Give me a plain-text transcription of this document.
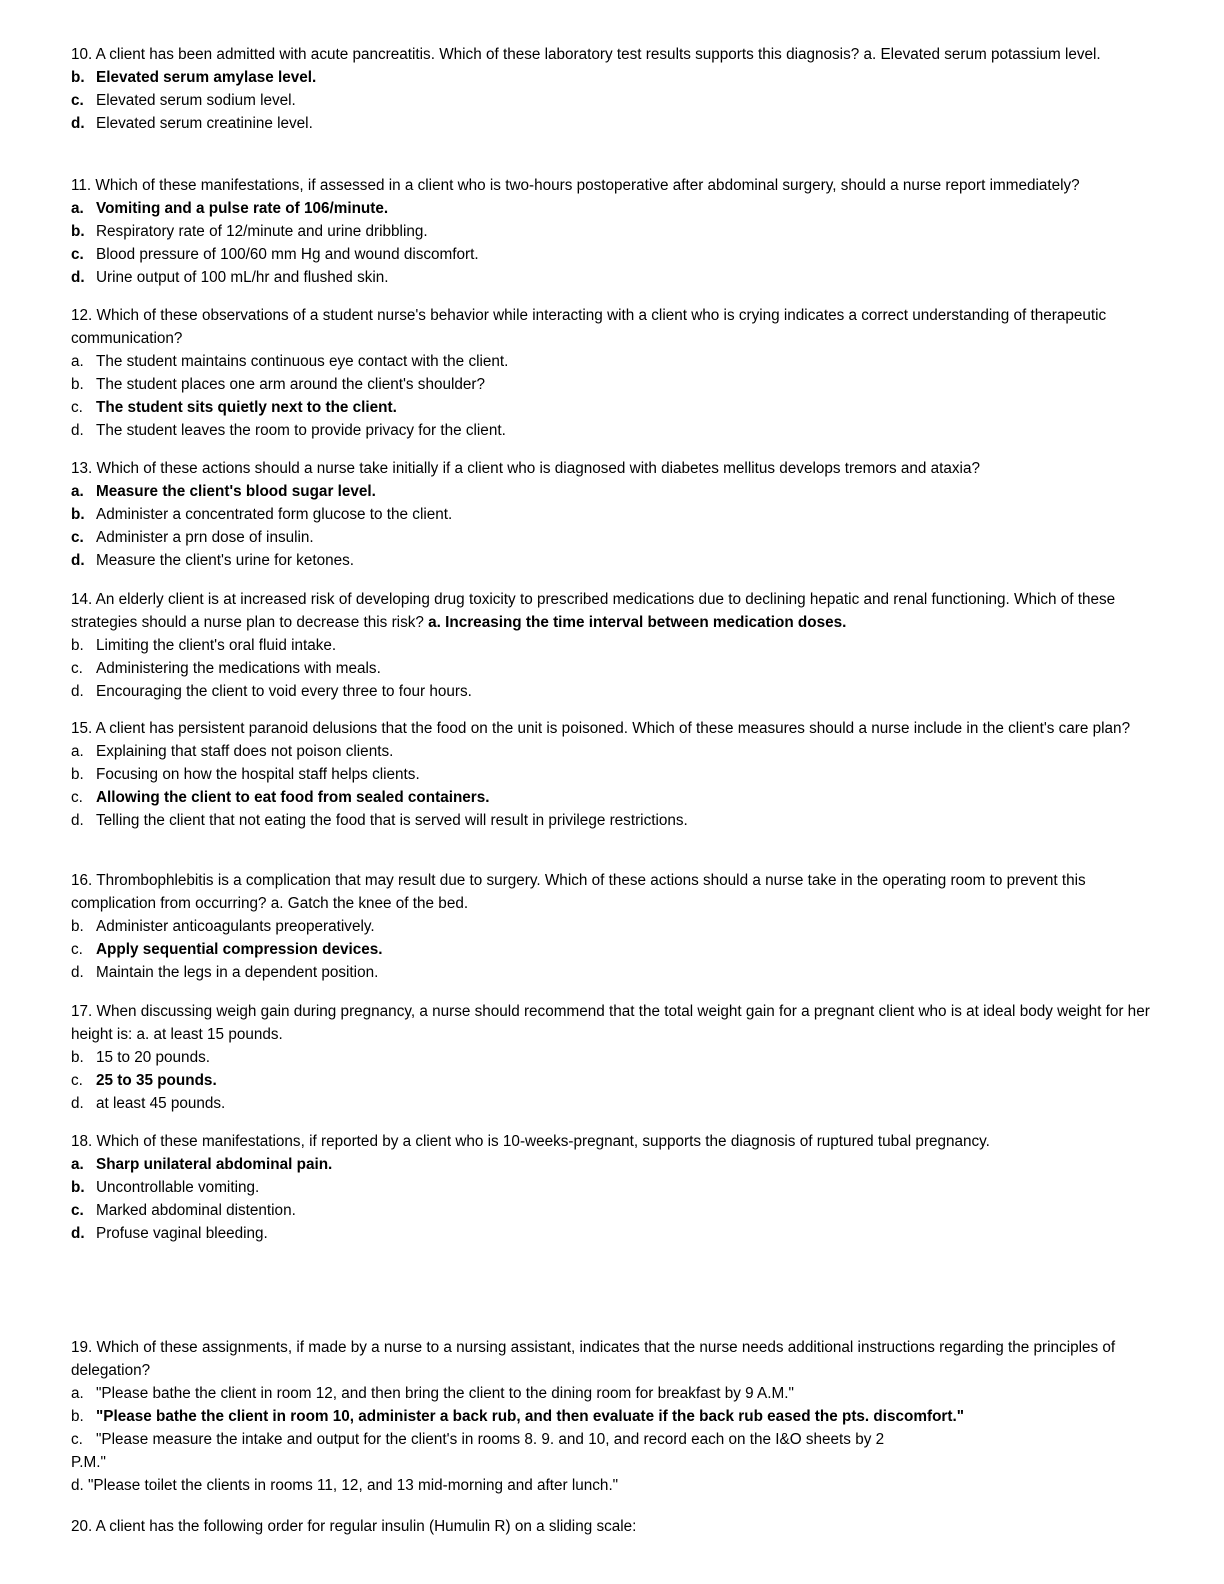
10. A client has been admitted with acute pancreatitis. Which of these laboratory test results supports this diagnosis? a. Elevated serum potassium level.
b. Elevated serum amylase level.
c. Elevated serum sodium level.
d. Elevated serum creatinine level.
11. Which of these manifestations, if assessed in a client who is two-hours postoperative after abdominal surgery, should a nurse report immediately?
a. Vomiting and a pulse rate of 106/minute.
b. Respiratory rate of 12/minute and urine dribbling.
c. Blood pressure of 100/60 mm Hg and wound discomfort.
d. Urine output of 100 mL/hr and flushed skin.
12. Which of these observations of a student nurse's behavior while interacting with a client who is crying indicates a correct understanding of therapeutic communication?
a. The student maintains continuous eye contact with the client.
b. The student places one arm around the client's shoulder?
c. The student sits quietly next to the client.
d. The student leaves the room to provide privacy for the client.
13. Which of these actions should a nurse take initially if a client who is diagnosed with diabetes mellitus develops tremors and ataxia?
a. Measure the client's blood sugar level.
b. Administer a concentrated form glucose to the client.
c. Administer a prn dose of insulin.
d. Measure the client's urine for ketones.
14. An elderly client is at increased risk of developing drug toxicity to prescribed medications due to declining hepatic and renal functioning. Which of these strategies should a nurse plan to decrease this risk? a. Increasing the time interval between medication doses.
b. Limiting the client's oral fluid intake.
c. Administering the medications with meals.
d. Encouraging the client to void every three to four hours.
15. A client has persistent paranoid delusions that the food on the unit is poisoned. Which of these measures should a nurse include in the client's care plan?
a. Explaining that staff does not poison clients.
b. Focusing on how the hospital staff helps clients.
c. Allowing the client to eat food from sealed containers.
d. Telling the client that not eating the food that is served will result in privilege restrictions.
16. Thrombophlebitis is a complication that may result due to surgery. Which of these actions should a nurse take in the operating room to prevent this complication from occurring? a. Gatch the knee of the bed.
b. Administer anticoagulants preoperatively.
c. Apply sequential compression devices.
d. Maintain the legs in a dependent position.
17. When discussing weigh gain during pregnancy, a nurse should recommend that the total weight gain for a pregnant client who is at ideal body weight for her height is: a. at least 15 pounds.
b. 15 to 20 pounds.
c. 25 to 35 pounds.
d. at least 45 pounds.
18. Which of these manifestations, if reported by a client who is 10-weeks-pregnant, supports the diagnosis of ruptured tubal pregnancy.
a. Sharp unilateral abdominal pain.
b. Uncontrollable vomiting.
c. Marked abdominal distention.
d. Profuse vaginal bleeding.
19. Which of these assignments, if made by a nurse to a nursing assistant, indicates that the nurse needs additional instructions regarding the principles of delegation?
a. "Please bathe the client in room 12, and then bring the client to the dining room for breakfast by 9 A.M."
b. "Please bathe the client in room 10, administer a back rub, and then evaluate if the back rub eased the pts. discomfort."
c. "Please measure the intake and output for the client's in rooms 8. 9. and 10, and record each on the I&O sheets by 2
P.M."
d. "Please toilet the clients in rooms 11, 12, and 13 mid-morning and after lunch."
20. A client has the following order for regular insulin (Humulin R) on a sliding scale:
